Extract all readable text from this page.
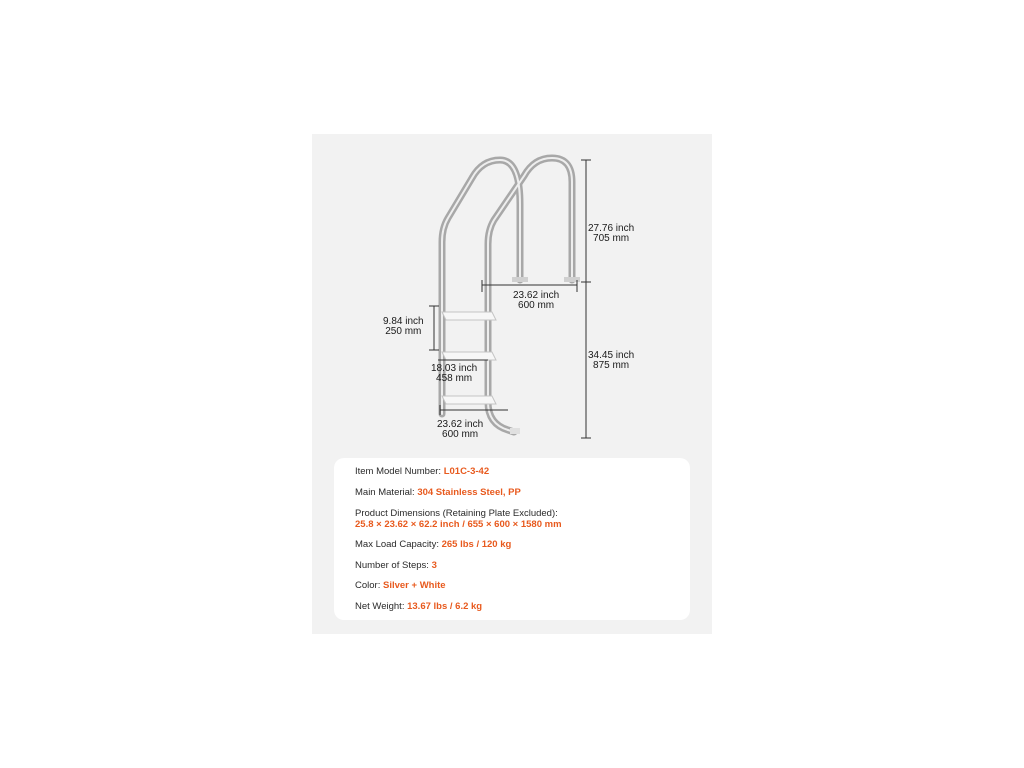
27.76 inch
705 mm
23.62 inch
600 mm
9.84 inch
250 mm
18.03 inch
458 mm
23.62 inch
600 mm
34.45 inch
875 mm
Item Model Number: L01C-3-42
Main Material: 304 Stainless Steel, PP
Product Dimensions (Retaining Plate Excluded):
25.8 × 23.62 × 62.2 inch / 655 × 600 × 1580 mm
Max Load Capacity: 265 lbs / 120 kg
Number of Steps: 3
Color: Silver + White
Net Weight: 13.67 lbs / 6.2 kg
